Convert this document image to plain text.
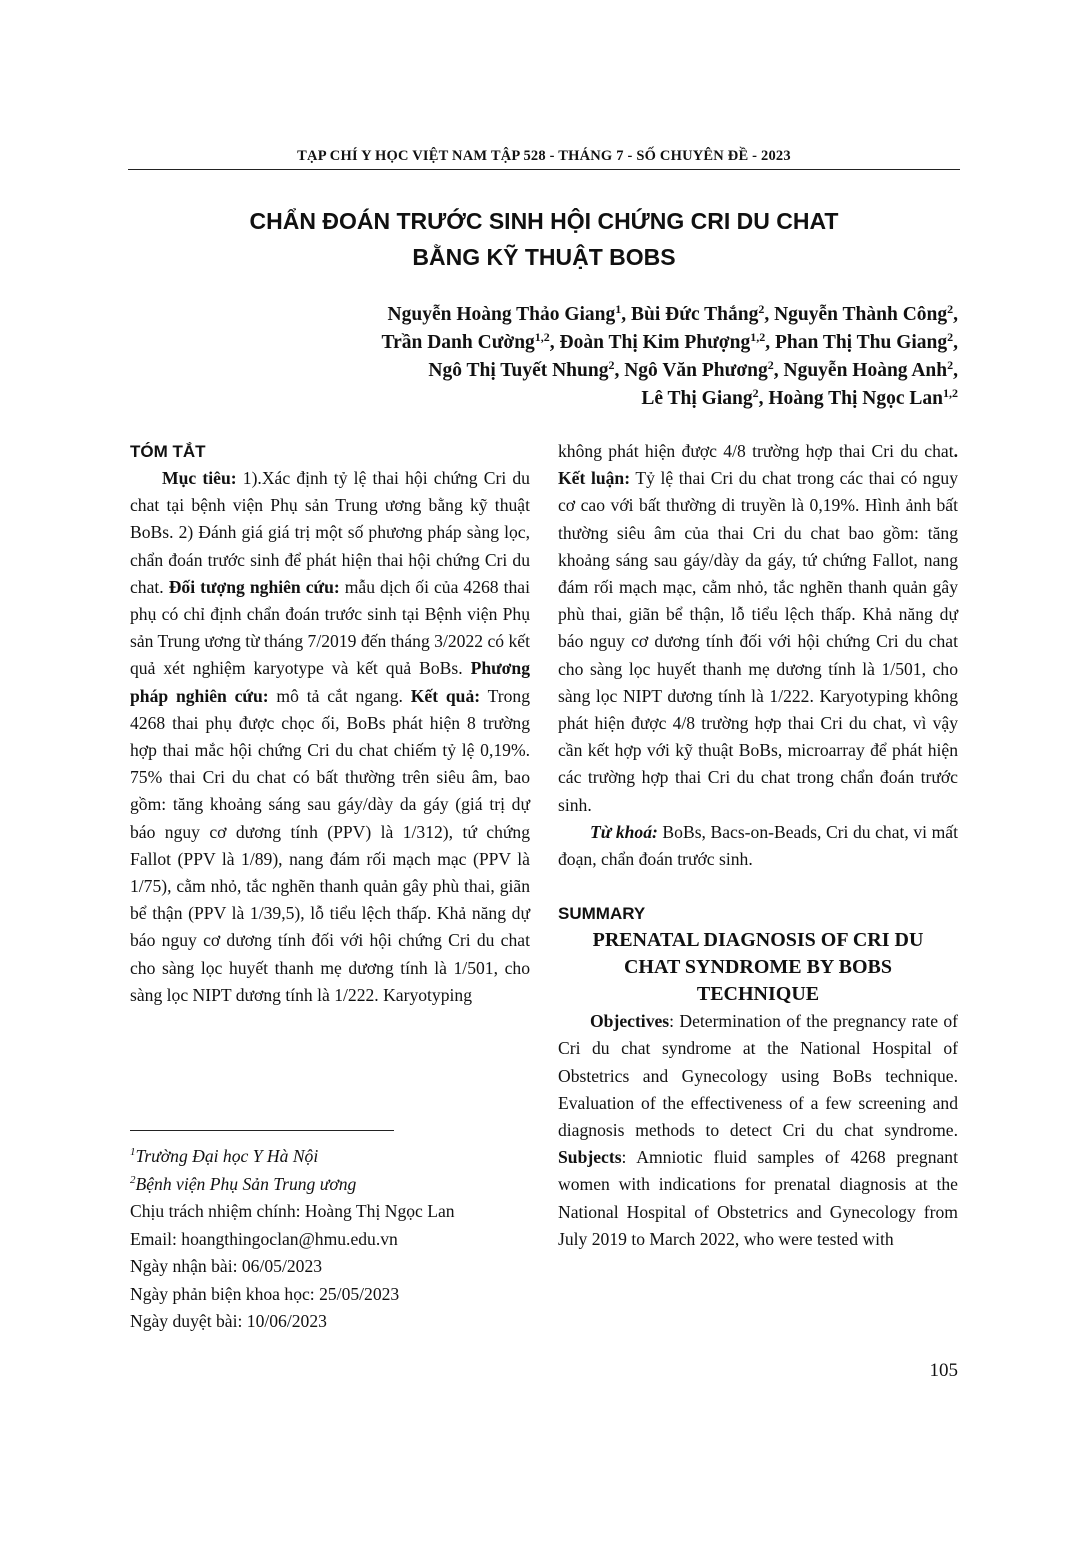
TẠP CHÍ Y HỌC VIỆT NAM TẬP 528 - THÁNG 7 - SỐ CHUYÊN ĐỀ - 2023
CHẨN ĐOÁN TRƯỚC SINH HỘI CHỨNG CRI DU CHAT
BẰNG KỸ THUẬT BOBS
Nguyễn Hoàng Thảo Giang$^1$, Bùi Đức Thắng$^2$, Nguyễn Thành Công$^2$,
Trần Danh Cường$^{1,2}$, Đoàn Thị Kim Phượng$^{1,2}$, Phan Thị Thu Giang$^2$,
Ngô Thị Tuyết Nhung$^2$, Ngô Văn Phương$^2$, Nguyễn Hoàng Anh$^2$,
Lê Thị Giang$^2$, Hoàng Thị Ngọc Lan$^{1,2}$
TÓM TẮT

Mục tiêu: 1).Xác định tỷ lệ thai hội chứng Cri du chat tại bệnh viện Phụ sản Trung ương bằng kỹ thuật BoBs. 2) Đánh giá giá trị một số phương pháp sàng lọc, chẩn đoán trước sinh để phát hiện thai hội chứng Cri du chat. Đối tượng nghiên cứu: mẫu dịch ối của 4268 thai phụ có chỉ định chẩn đoán trước sinh tại Bệnh viện Phụ sản Trung ương từ tháng 7/2019 đến tháng 3/2022 có kết quả xét nghiệm karyotype và kết quả BoBs. Phương pháp nghiên cứu: mô tả cắt ngang. Kết quả: Trong 4268 thai phụ được chọc ối, BoBs phát hiện 8 trường hợp thai mắc hội chứng Cri du chat chiếm tỷ lệ 0,19%. 75% thai Cri du chat có bất thường trên siêu âm, bao gồm: tăng khoảng sáng sau gáy/dày da gáy (giá trị dự báo nguy cơ dương tính (PPV) là 1/312), tứ chứng Fallot (PPV là 1/89), nang đám rối mạch mạc (PPV là 1/75), cằm nhỏ, tắc nghẽn thanh quản gây phù thai, giãn bể thận (PPV là 1/39,5), lỗ tiểu lệch thấp. Khả năng dự báo nguy cơ dương tính đối với hội chứng Cri du chat cho sàng lọc huyết thanh mẹ dương tính là 1/501, cho sàng lọc NIPT dương tính là 1/222. Karyotyping

$^1$Trường Đại học Y Hà Nội
$^2$Bệnh viện Phụ Sản Trung ương
Chịu trách nhiệm chính: Hoàng Thị Ngọc Lan
Email: hoangthingoclan@hmu.edu.vn
Ngày nhận bài: 06/05/2023
Ngày phản biện khoa học: 25/05/2023
Ngày duyệt bài: 10/06/2023

không phát hiện được 4/8 trường hợp thai Cri du chat. Kết luận: Tỷ lệ thai Cri du chat trong các thai có nguy cơ cao với bất thường di truyền là 0,19%. Hình ảnh bất thường siêu âm của thai Cri du chat bao gồm: tăng khoảng sáng sau gáy/dày da gáy, tứ chứng Fallot, nang đám rối mạch mạc, cằm nhỏ, tắc nghẽn thanh quản gây phù thai, giãn bể thận, lỗ tiểu lệch thấp. Khả năng dự báo nguy cơ dương tính đối với hội chứng Cri du chat cho sàng lọc huyết thanh mẹ dương tính là 1/501, cho sàng lọc NIPT dương tính là 1/222. Karyotyping không phát hiện được 4/8 trường hợp thai Cri du chat, vì vậy cần kết hợp với kỹ thuật BoBs, microarray để phát hiện các trường hợp thai Cri du chat trong chẩn đoán trước sinh.

Từ khoá: BoBs, Bacs-on-Beads, Cri du chat, vi mất đoạn, chẩn đoán trước sinh.

SUMMARY
PRENATAL DIAGNOSIS OF CRI DU CHAT SYNDROME BY BOBS TECHNIQUE

Objectives: Determination of the pregnancy rate of Cri du chat syndrome at the National Hospital of Obstetrics and Gynecology using BoBs technique. Evaluation of the effectiveness of a few screening and diagnosis methods to detect Cri du chat syndrome. Subjects: Amniotic fluid samples of 4268 pregnant women with indications for prenatal diagnosis at the National Hospital of Obstetrics and Gynecology from July 2019 to March 2022, who were tested with

105
